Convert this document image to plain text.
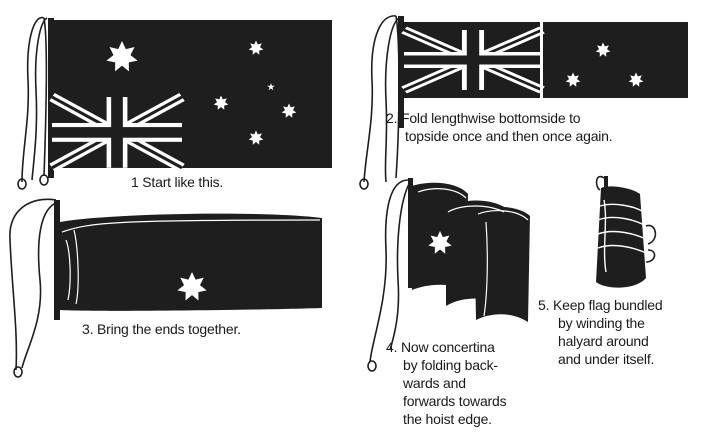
1 Start like this.

2. Fold lengthwise bottomside to
topside once and then once again.

3. Bring the ends together.

4. Now concertina
by folding back-
wards and
forwards towards
the hoist edge.

5. Keep flag bundled
by winding the
halyard around
and under itself.
